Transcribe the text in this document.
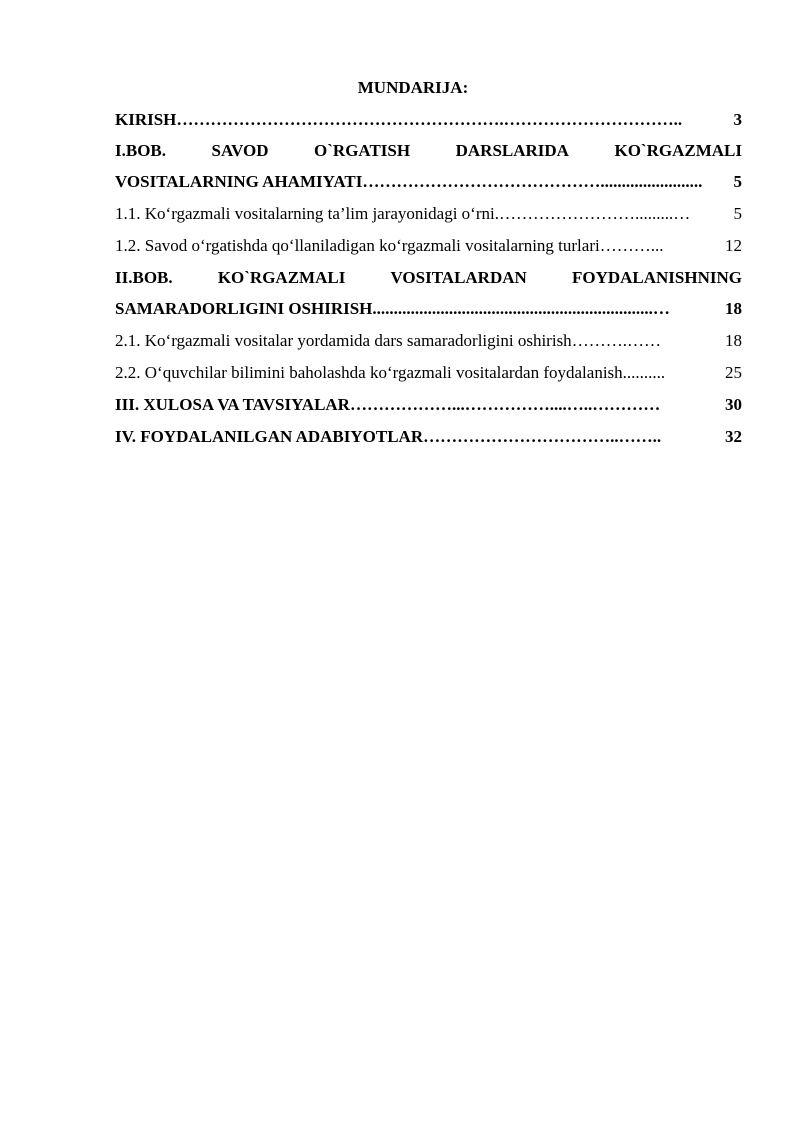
MUNDARIJA:
KIRISH ………………………………………………….…………………………..	3
I.BOB.	SAVOD	O`RGATISH	DARSLARIDA	KO`RGAZMALI
VOSITALARNING AHAMIYATI ……………………………………........................	5
1.1. Ko‘rgazmali vositalarning ta’lim jarayonidagi o‘rni. …………………….........…	5
1.2. Savod o‘rgatishda qo‘llaniladigan ko‘rgazmali vositalarning turlari ………...	12
II.BOB.	KO`RGAZMALI	VOSITALARDAN	FOYDALANISHNING
SAMARADORLIGINI OSHIRISH ..................................................................…	18
2.1. Ko‘rgazmali vositalar yordamida dars samaradorligini oshirish ……….……	18
2.2. O‘quvchilar bilimini baholashda ko‘rgazmali vositalardan foydalanish ..........	25
III. XULOSA VA TAVSIYALAR ………………...……………....…..…………	30
IV. FOYDALANILGAN ADABIYOTLAR ……………………………..……..	32
